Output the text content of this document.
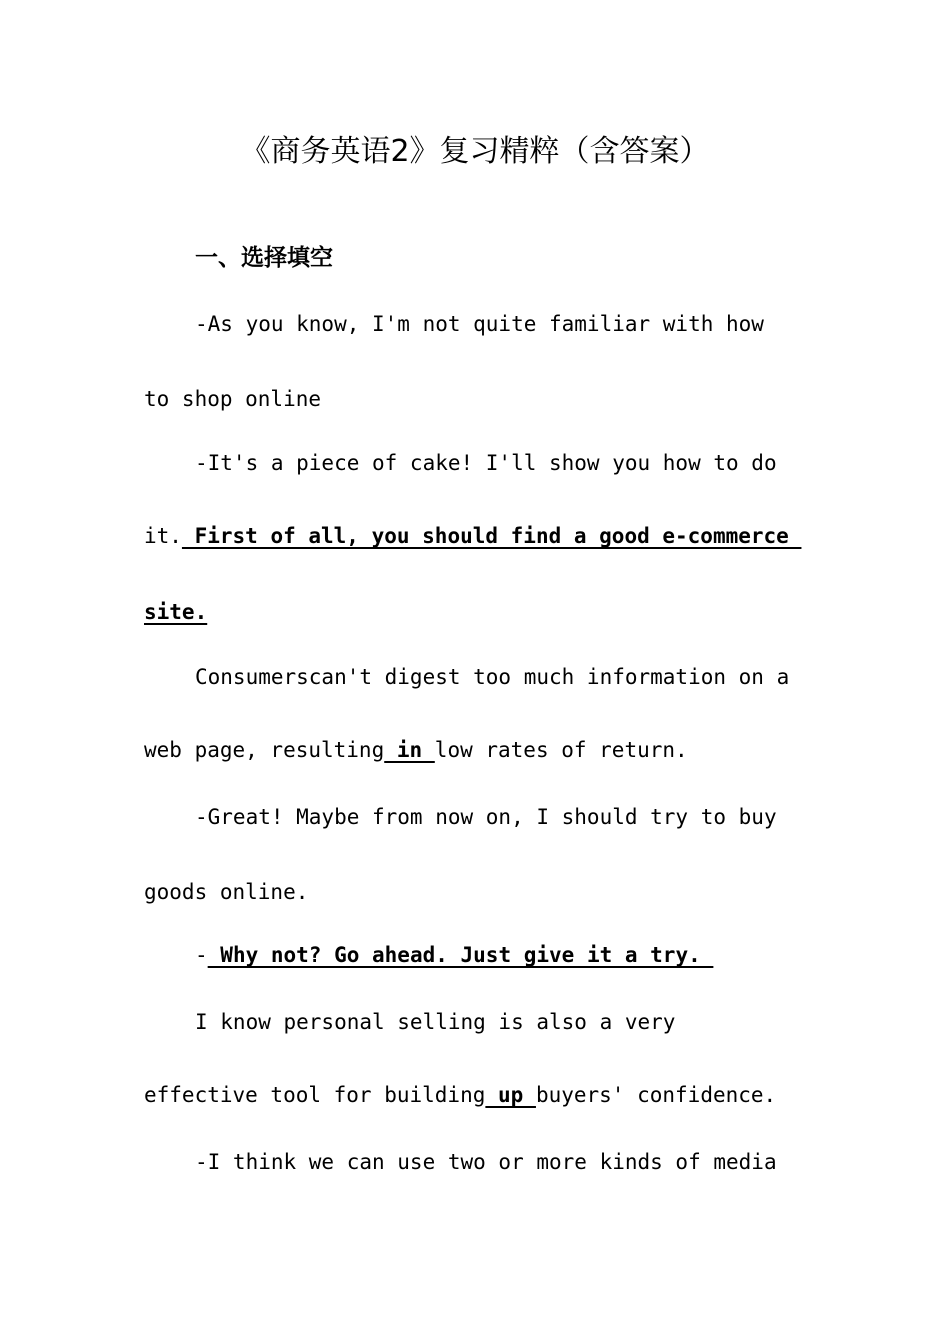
《商务英语2》复习精粹（含答案）
一、选择填空

-As you know, I'm not quite familiar with how

to shop online

-It's a piece of cake! I'll show you how to do

it. First of all, you should find a good e-commerce

site.

Consumerscan't digest too much information on a

web page, resulting in low rates of return.

-Great! Maybe from now on, I should try to buy

goods online.

- Why not? Go ahead. Just give it a try.

I know personal selling is also a very

effective tool for building up buyers' confidence.

-I think we can use two or more kinds of media
